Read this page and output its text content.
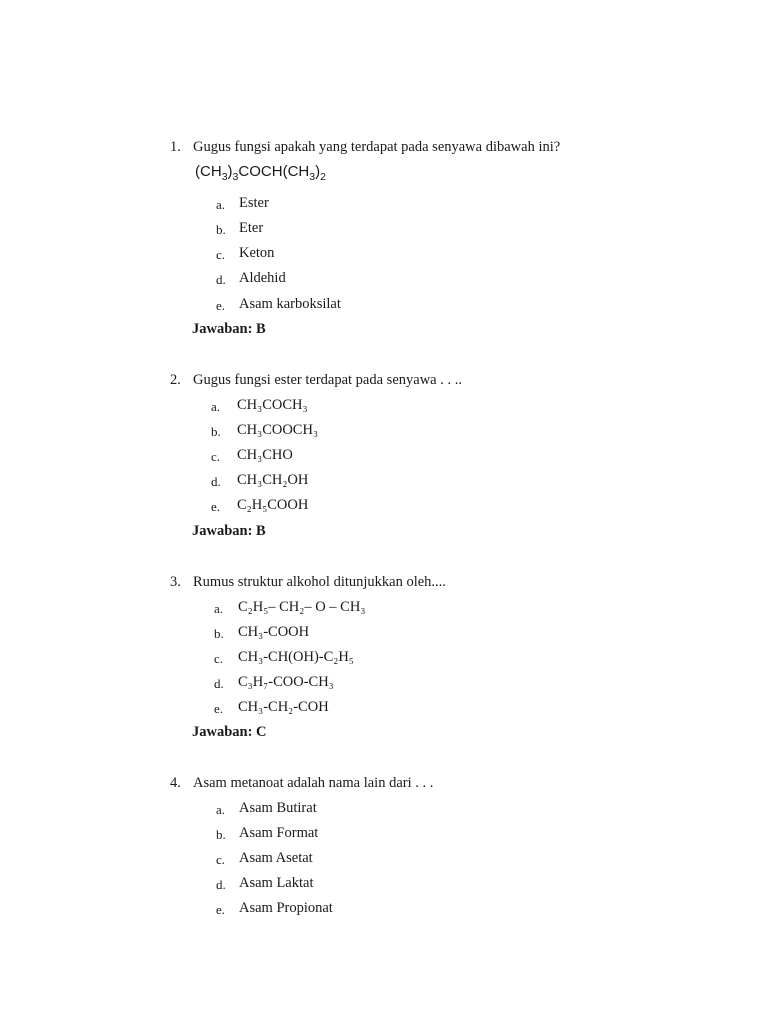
1. Gugus fungsi apakah yang terdapat pada senyawa dibawah ini?
$(CH_3)_3COCH(CH_3)_2$
a. Ester
b. Eter
c. Keton
d. Aldehid
e. Asam karboksilat
Jawaban: B
2. Gugus fungsi ester terdapat pada senyawa . . ..
a. CH₃COCH₃
b. CH₃COOCH₃
c. CH₃CHO
d. CH₃CH₂OH
e. C₂H₅COOH
Jawaban: B
3. Rumus struktur alkohol ditunjukkan oleh....
a. C₂H₅– CH₂– O – CH₃
b. CH₃-COOH
c. CH₃-CH(OH)-C₂H₅
d. C₃H₇-COO-CH₃
e. CH₃-CH₂-COH
Jawaban: C
4. Asam metanoat adalah nama lain dari . . .
a. Asam Butirat
b. Asam Format
c. Asam Asetat
d. Asam Laktat
e. Asam Propionat
